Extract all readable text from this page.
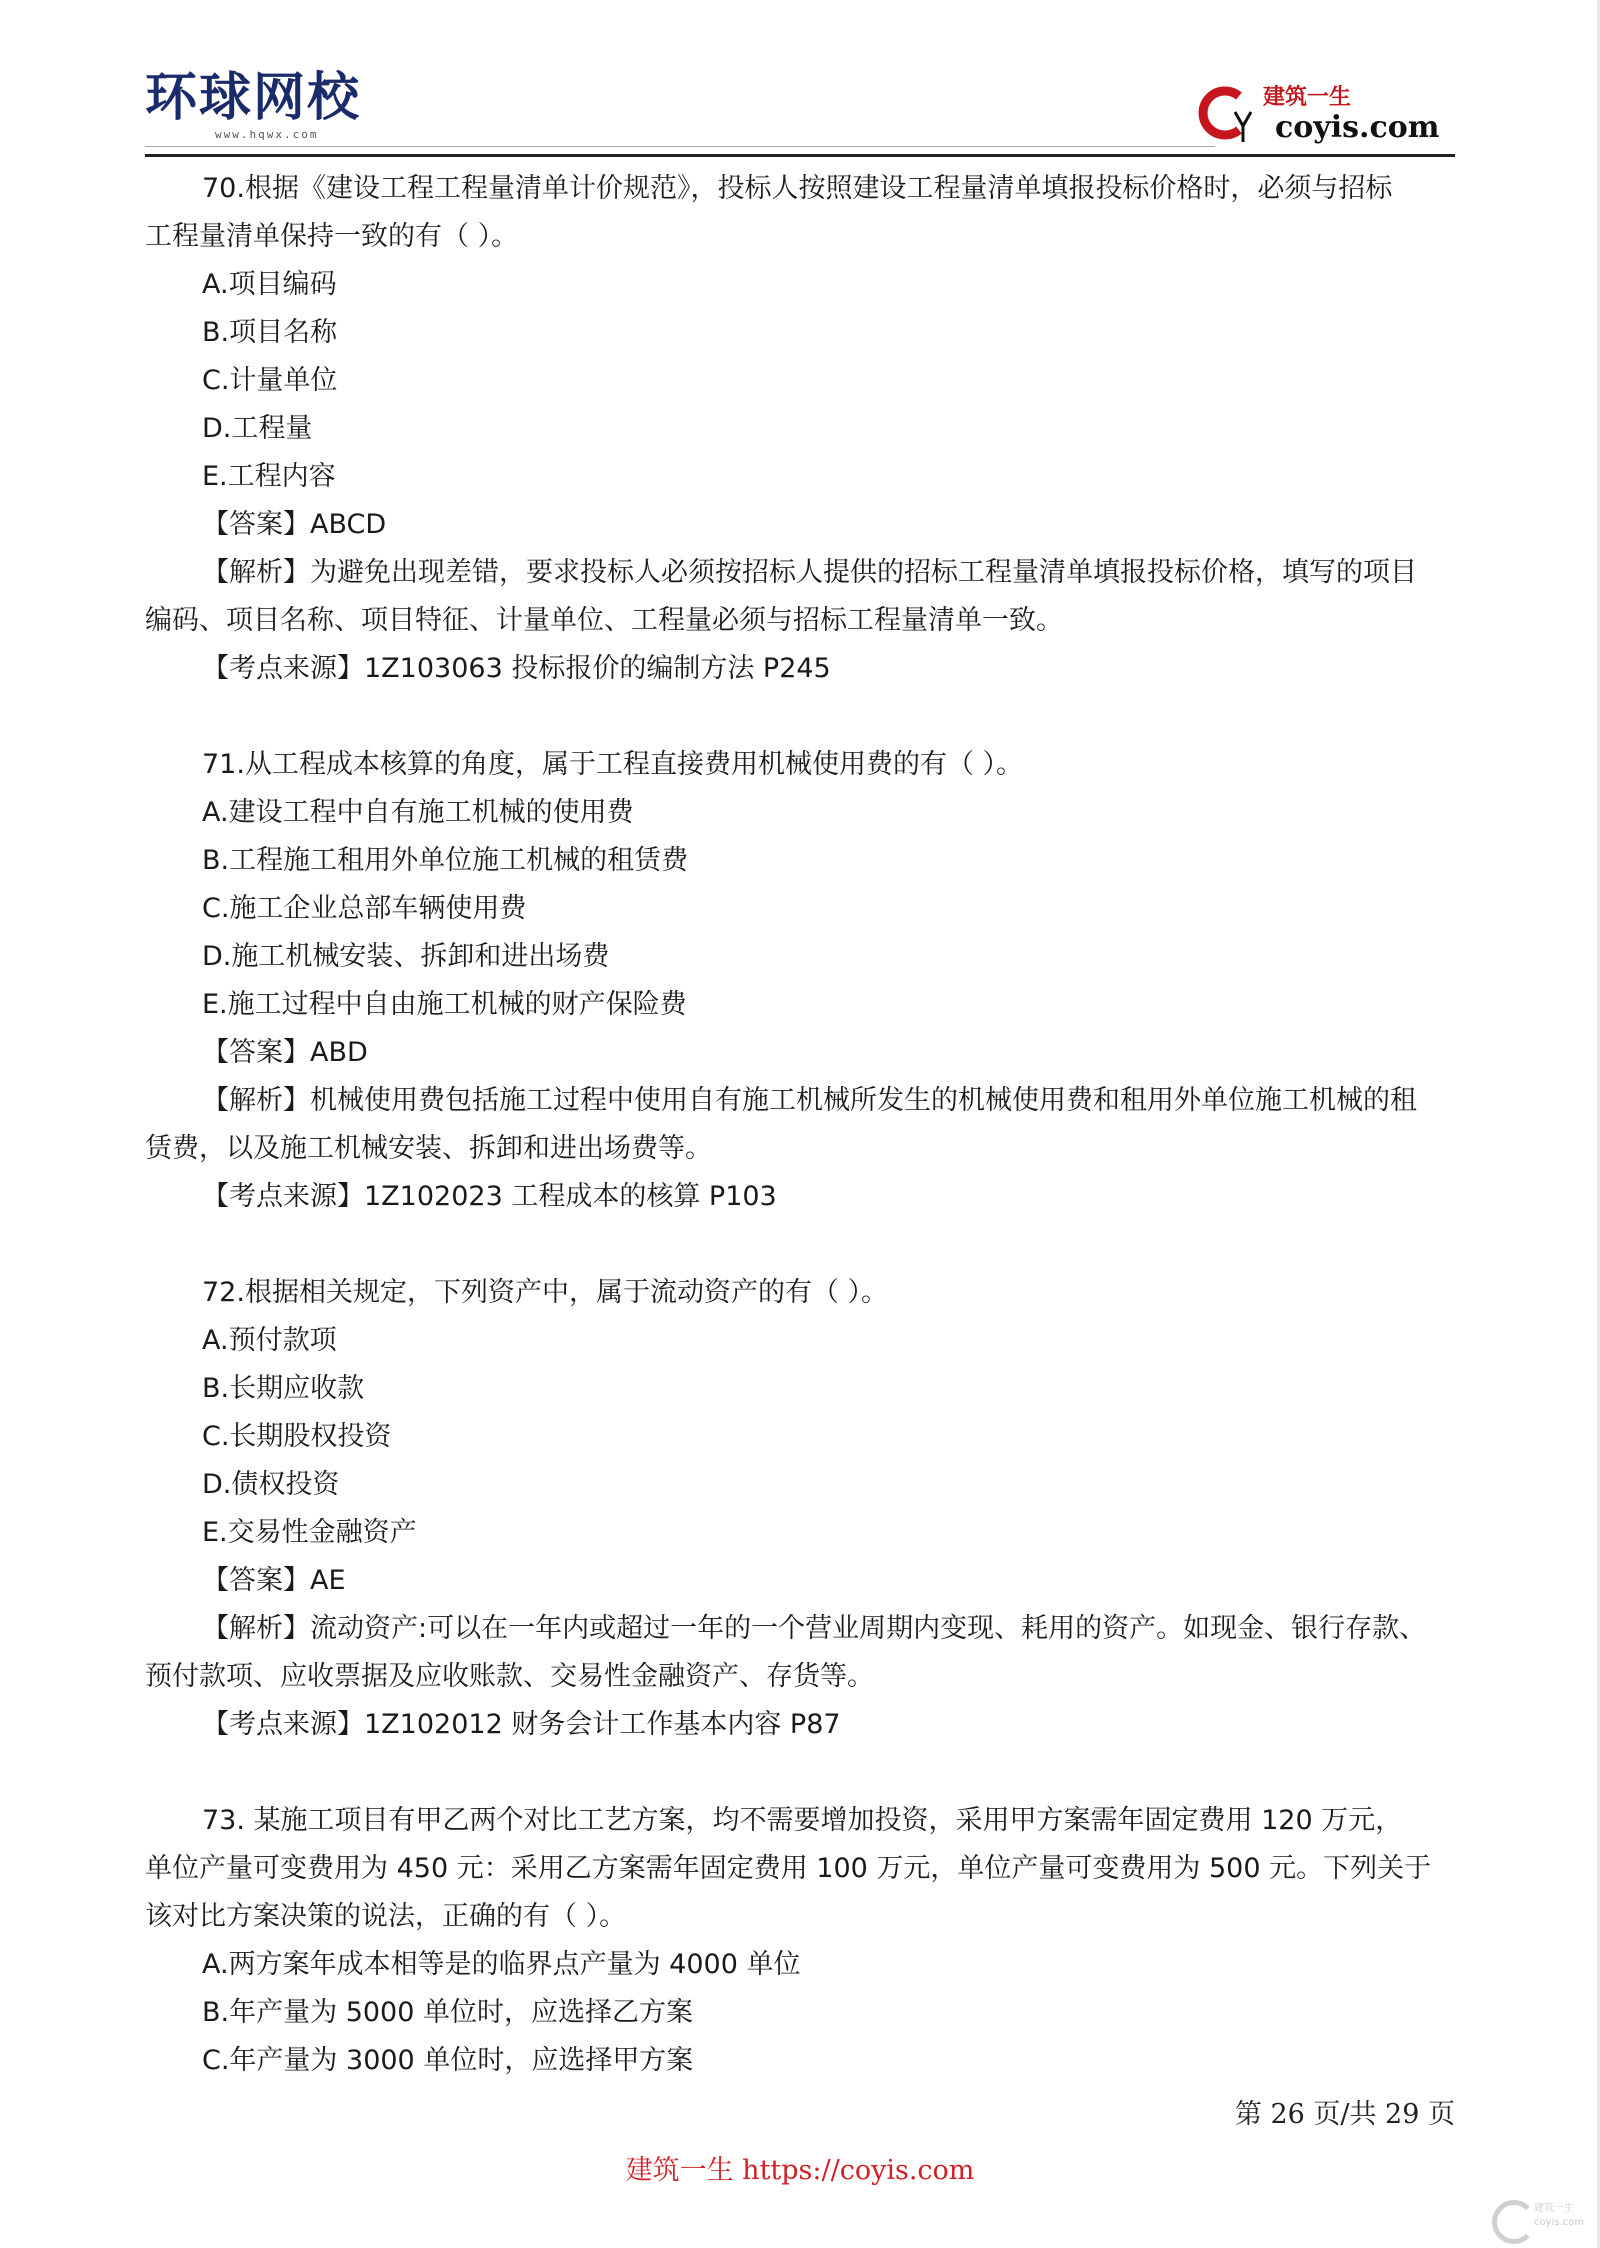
环球网校
www.hqwx.com
建筑一生
coyis.com

70.根据《建设工程工程量清单计价规范》，投标人按照建设工程量清单填报投标价格时，必须与招标

工程量清单保持一致的有（ ）。

A.项目编码

B.项目名称

C.计量单位

D.工程量

E.工程内容

【答案】ABCD

【解析】为避免出现差错，要求投标人必须按招标人提供的招标工程量清单填报投标价格，填写的项目

编码、项目名称、项目特征、计量单位、工程量必须与招标工程量清单一致。

【考点来源】1Z103063 投标报价的编制方法 P245

71.从工程成本核算的角度，属于工程直接费用机械使用费的有（ ）。

A.建设工程中自有施工机械的使用费

B.工程施工租用外单位施工机械的租赁费

C.施工企业总部车辆使用费

D.施工机械安装、拆卸和进出场费

E.施工过程中自由施工机械的财产保险费

【答案】ABD

【解析】机械使用费包括施工过程中使用自有施工机械所发生的机械使用费和租用外单位施工机械的租

赁费，以及施工机械安装、拆卸和进出场费等。

【考点来源】1Z102023 工程成本的核算 P103

72.根据相关规定，下列资产中，属于流动资产的有（ ）。

A.预付款项

B.长期应收款

C.长期股权投资

D.债权投资

E.交易性金融资产

【答案】AE

【解析】流动资产:可以在一年内或超过一年的一个营业周期内变现、耗用的资产。如现金、银行存款、

预付款项、应收票据及应收账款、交易性金融资产、存货等。

【考点来源】1Z102012 财务会计工作基本内容 P87

73. 某施工项目有甲乙两个对比工艺方案，均不需要增加投资，采用甲方案需年固定费用 120 万元，

单位产量可变费用为 450 元：采用乙方案需年固定费用 100 万元，单位产量可变费用为 500 元。下列关于

该对比方案决策的说法，正确的有（ ）。

A.两方案年成本相等是的临界点产量为 4000 单位

B.年产量为 5000 单位时，应选择乙方案

C.年产量为 3000 单位时，应选择甲方案

第 26 页/共 29 页
建筑一生 https://coyis.com
建筑一生 coyis.com
